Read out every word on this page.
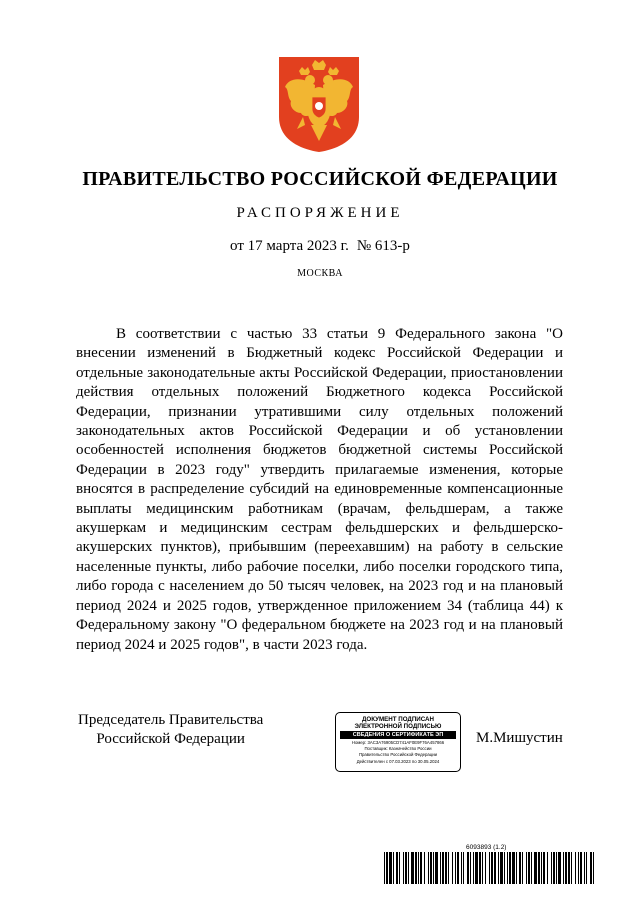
ПРАВИТЕЛЬСТВО РОССИЙСКОЙ ФЕДЕРАЦИИ
РАСПОРЯЖЕНИЕ
от 17 марта 2023 г. № 613-р
МОСКВА

В соответствии с частью 33 статьи 9 Федерального закона "О внесении изменений в Бюджетный кодекс Российской Федерации и отдельные законодательные акты Российской Федерации, приостановлении действия отдельных положений Бюджетного кодекса Российской Федерации, признании утратившими силу отдельных положений законодательных актов Российской Федерации и об установлении особенностей исполнения бюджетов бюджетной системы Российской Федерации в 2023 году" утвердить прилагаемые изменения, которые вносятся в распределение субсидий на единовременные компенсационные выплаты медицинским работникам (врачам, фельдшерам, а также акушеркам и медицинским сестрам фельдшерских и фельдшерско-акушерских пунктов), прибывшим (переехавшим) на работу в сельские населенные пункты, либо рабочие поселки, либо поселки городского типа, либо города с населением до 50 тысяч человек, на 2023 год и на плановый период 2024 и 2025 годов, утвержденное приложением 34 (таблица 44) к Федеральному закону "О федеральном бюджете на 2023 год и на плановый период 2024 и 2025 годов", в части 2023 года.

Председатель Правительства
Российской Федерации
ДОКУМЕНТ ПОДПИСАН
ЭЛЕКТРОННОЙ ПОДПИСЬЮ
СВЕДЕНИЯ О СЕРТИФИКАТЕ ЭП
Номер: 3AC3A76905CD741AF0E9F76A457866
Поставщик: Казначейство России
Правительство Российской Федерации
Действителен с 07.03.2023 по 30.05.2024
М.Мишустин
6093893 (1.2)
